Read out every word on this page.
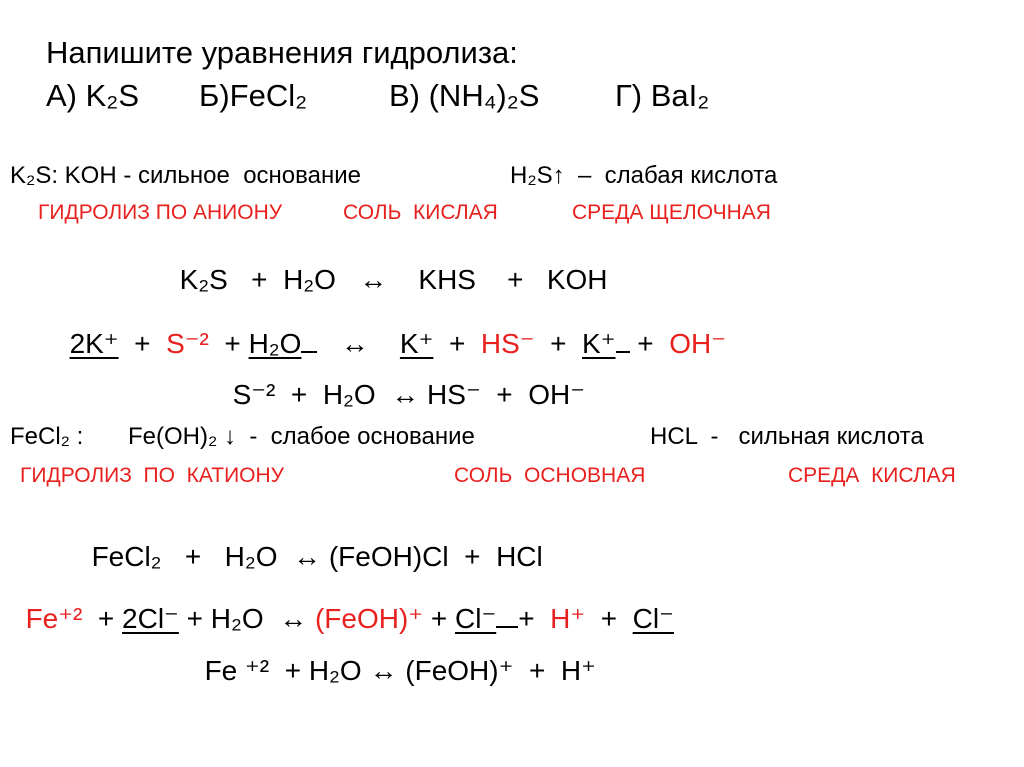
Напишите уравнения гидролиза:
А) K₂S Б)FeCl₂	В) (NH₄)₂S Г) BaI₂
K₂S: KOH - сильное  основание	H₂S↑  –  слабая кислота
ГИДРОЛИЗ ПО АНИОНУ	СОЛЬ  КИСЛАЯ	СРЕДА ЩЕЛОЧНАЯ

K₂S + H₂O ↔ KHS + KOH

2K⁺ + S⁻² + H₂O ↔ K⁺ + HS⁻ + K⁺ + OH⁻

S⁻² + H₂O ↔ HS⁻ + OH⁻

FeCl₂ : Fe(OH)₂ ↓  -  слабое основание	HCL  -   сильная кислота
ГИДРОЛИЗ  ПО  КАТИОНУ	СОЛЬ  ОСНОВНАЯ	СРЕДА  КИСЛАЯ

FeCl₂ + H₂O ↔ (FeOH)Cl + HCl

Fe⁺² + 2Cl⁻ + H₂O ↔ (FeOH)⁺ + Cl⁻ + H⁺ + Cl⁻

Fe ⁺² + H₂O ↔ (FeOH)⁺ + H⁺
